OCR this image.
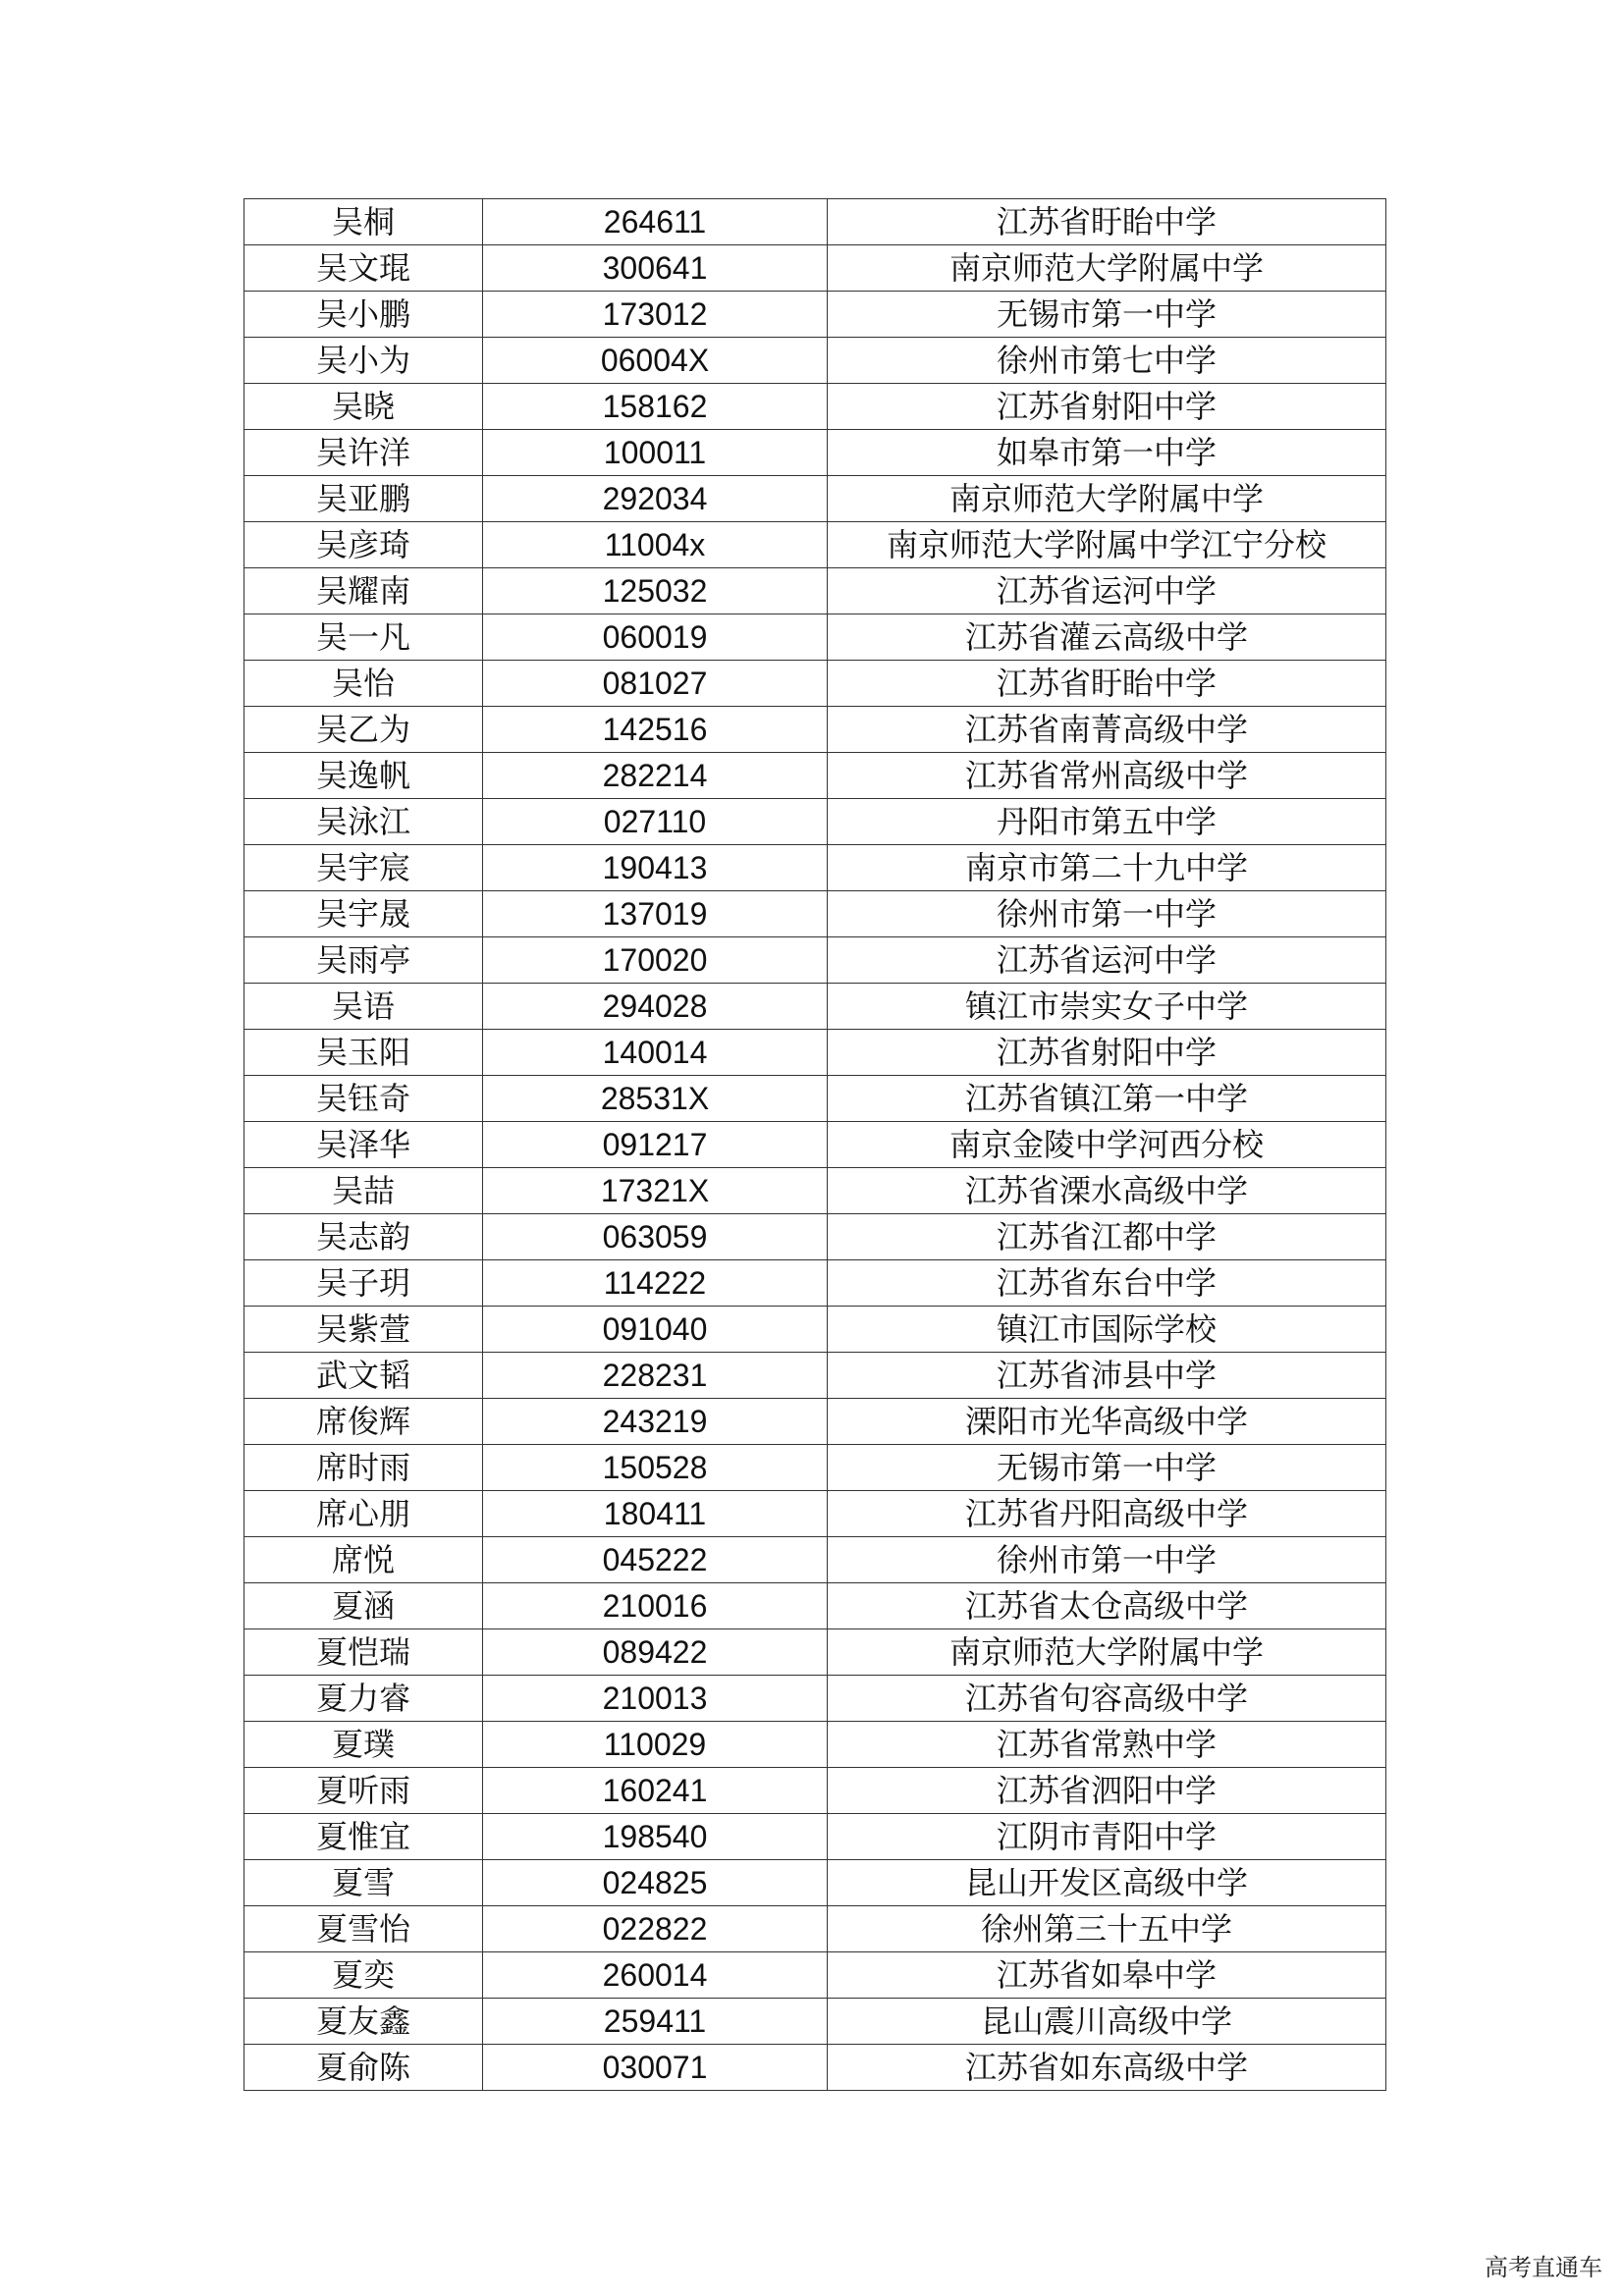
吴桐	264611	江苏省盱眙中学
吴文琨	300641	南京师范大学附属中学
吴小鹏	173012	无锡市第一中学
吴小为	06004X	徐州市第七中学
吴晓	158162	江苏省射阳中学
吴许洋	100011	如皋市第一中学
吴亚鹏	292034	南京师范大学附属中学
吴彦琦	11004x	南京师范大学附属中学江宁分校
吴耀南	125032	江苏省运河中学
吴一凡	060019	江苏省灌云高级中学
吴怡	081027	江苏省盱眙中学
吴乙为	142516	江苏省南菁高级中学
吴逸帆	282214	江苏省常州高级中学
吴泳江	027110	丹阳市第五中学
吴宇宸	190413	南京市第二十九中学
吴宇晟	137019	徐州市第一中学
吴雨亭	170020	江苏省运河中学
吴语	294028	镇江市崇实女子中学
吴玉阳	140014	江苏省射阳中学
吴钰奇	28531X	江苏省镇江第一中学
吴泽华	091217	南京金陵中学河西分校
吴喆	17321X	江苏省溧水高级中学
吴志韵	063059	江苏省江都中学
吴子玥	114222	江苏省东台中学
吴紫萱	091040	镇江市国际学校
武文韬	228231	江苏省沛县中学
席俊辉	243219	溧阳市光华高级中学
席时雨	150528	无锡市第一中学
席心朋	180411	江苏省丹阳高级中学
席悦	045222	徐州市第一中学
夏涵	210016	江苏省太仓高级中学
夏恺瑞	089422	南京师范大学附属中学
夏力睿	210013	江苏省句容高级中学
夏璞	110029	江苏省常熟中学
夏听雨	160241	江苏省泗阳中学
夏惟宜	198540	江阴市青阳中学
夏雪	024825	昆山开发区高级中学
夏雪怡	022822	徐州第三十五中学
夏奕	260014	江苏省如皋中学
夏友鑫	259411	昆山震川高级中学
夏俞陈	030071	江苏省如东高级中学
高考直通车
